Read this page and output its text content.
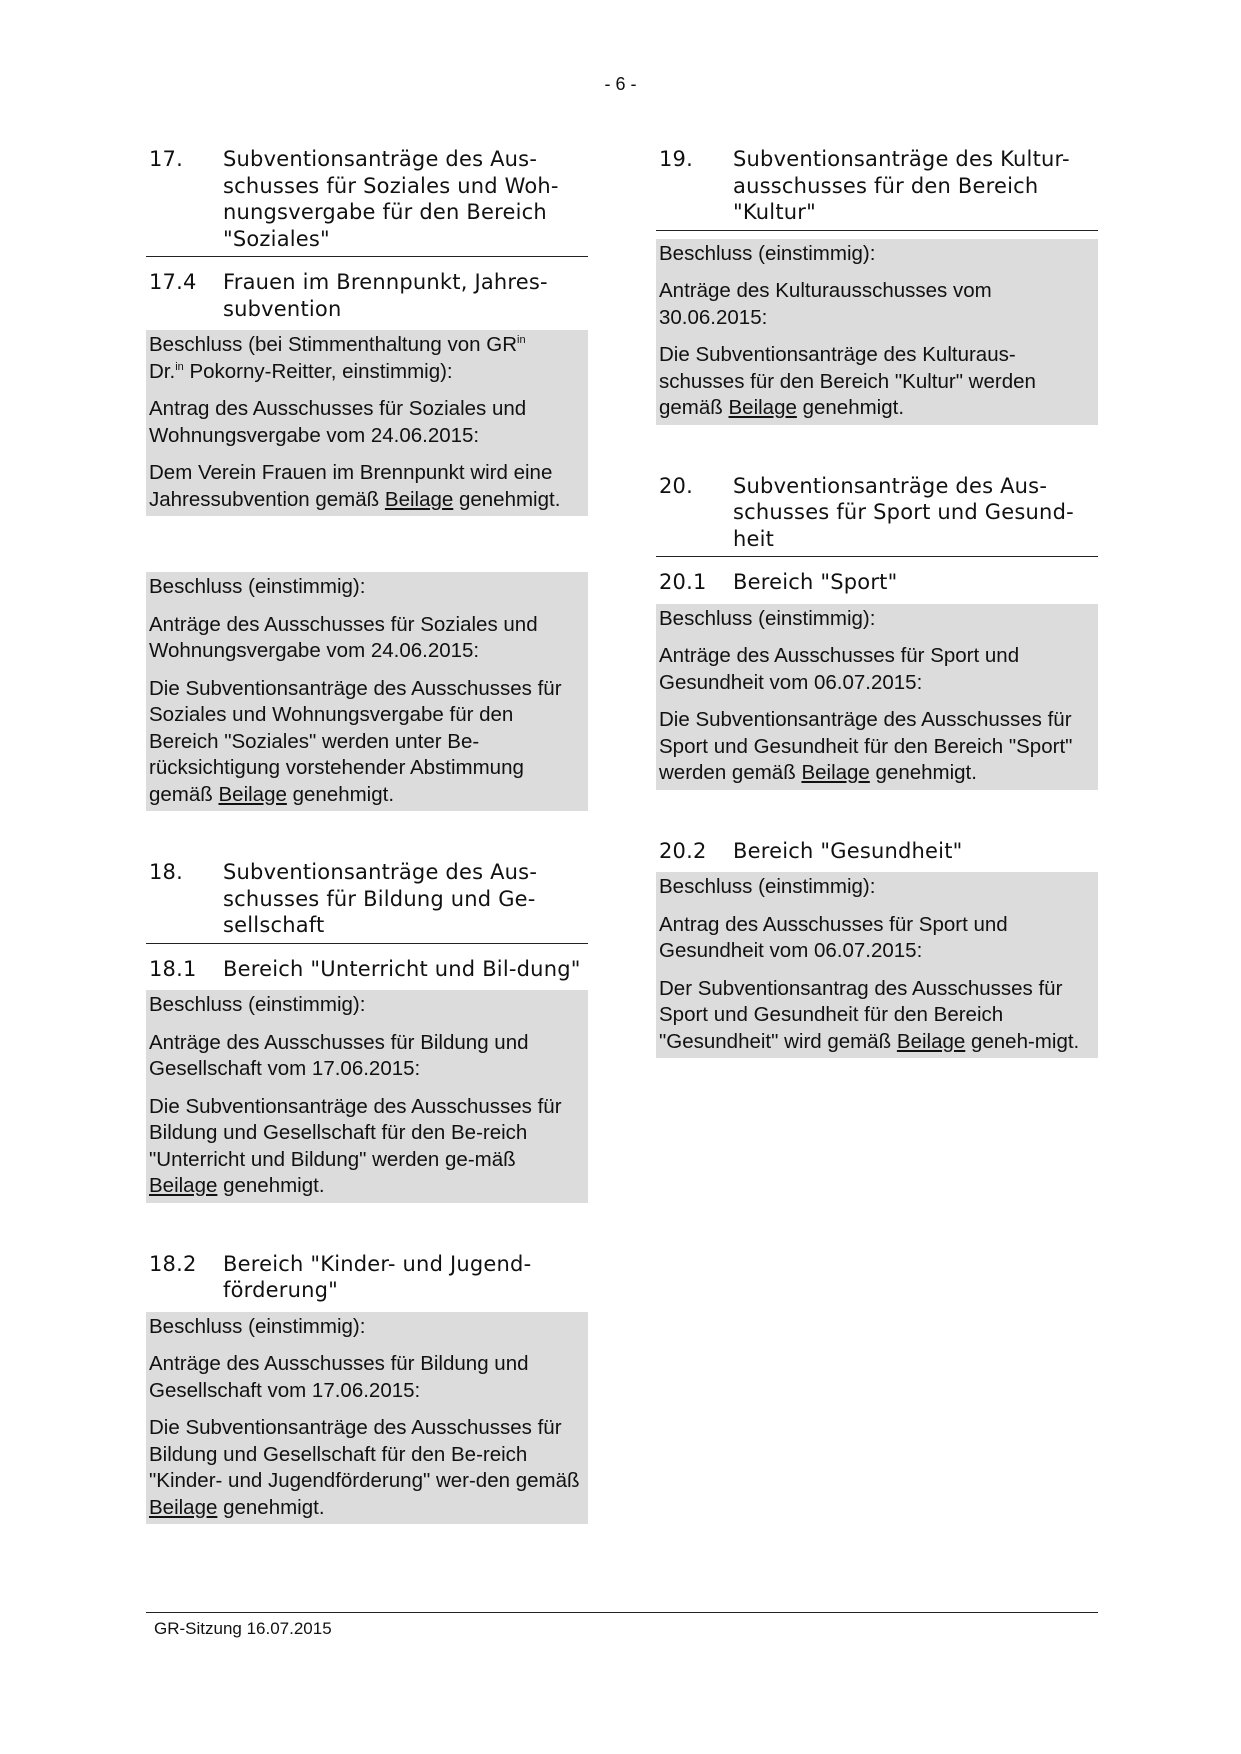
- 6 -
17.	Subventionsanträge des Aus-schusses für Soziales und Woh-nungsvergabe für den Bereich "Soziales"
17.4	Frauen im Brennpunkt, Jahres-subvention

Beschluss (bei Stimmenthaltung von $GR^{in}$
Dr.$^{in}$ Pokorny-Reitter, einstimmig):

Antrag des Ausschusses für Soziales und Wohnungsvergabe vom 24.06.2015:

Dem Verein Frauen im Brennpunkt wird eine Jahressubvention gemäß Beilage genehmigt.

Beschluss (einstimmig):

Anträge des Ausschusses für Soziales und Wohnungsvergabe vom 24.06.2015:

Die Subventionsanträge des Ausschusses für Soziales und Wohnungsvergabe für den Bereich "Soziales" werden unter Be-rücksichtigung vorstehender Abstimmung gemäß Beilage genehmigt.

18.	Subventionsanträge des Aus-schusses für Bildung und Ge-sellschaft
18.1	Bereich "Unterricht und Bil-dung"

Beschluss (einstimmig):

Anträge des Ausschusses für Bildung und Gesellschaft vom 17.06.2015:

Die Subventionsanträge des Ausschusses für Bildung und Gesellschaft für den Be-reich "Unterricht und Bildung" werden ge-mäß Beilage genehmigt.

18.2	Bereich "Kinder- und Jugend-förderung"

Beschluss (einstimmig):

Anträge des Ausschusses für Bildung und Gesellschaft vom 17.06.2015:

Die Subventionsanträge des Ausschusses für Bildung und Gesellschaft für den Be-reich "Kinder- und Jugendförderung" wer-den gemäß Beilage genehmigt.

19.	Subventionsanträge des Kultur-ausschusses für den Bereich "Kultur"

Beschluss (einstimmig):

Anträge des Kulturausschusses vom 30.06.2015:

Die Subventionsanträge des Kulturaus-schusses für den Bereich "Kultur" werden gemäß Beilage genehmigt.

20.	Subventionsanträge des Aus-schusses für Sport und Gesund-heit
20.1	Bereich "Sport"

Beschluss (einstimmig):

Anträge des Ausschusses für Sport und Gesundheit vom 06.07.2015:

Die Subventionsanträge des Ausschusses für Sport und Gesundheit für den Bereich "Sport" werden gemäß Beilage genehmigt.

20.2	Bereich "Gesundheit"

Beschluss (einstimmig):

Antrag des Ausschusses für Sport und Gesundheit vom 06.07.2015:

Der Subventionsantrag des Ausschusses für Sport und Gesundheit für den Bereich "Gesundheit" wird gemäß Beilage geneh-migt.

GR-Sitzung 16.07.2015
